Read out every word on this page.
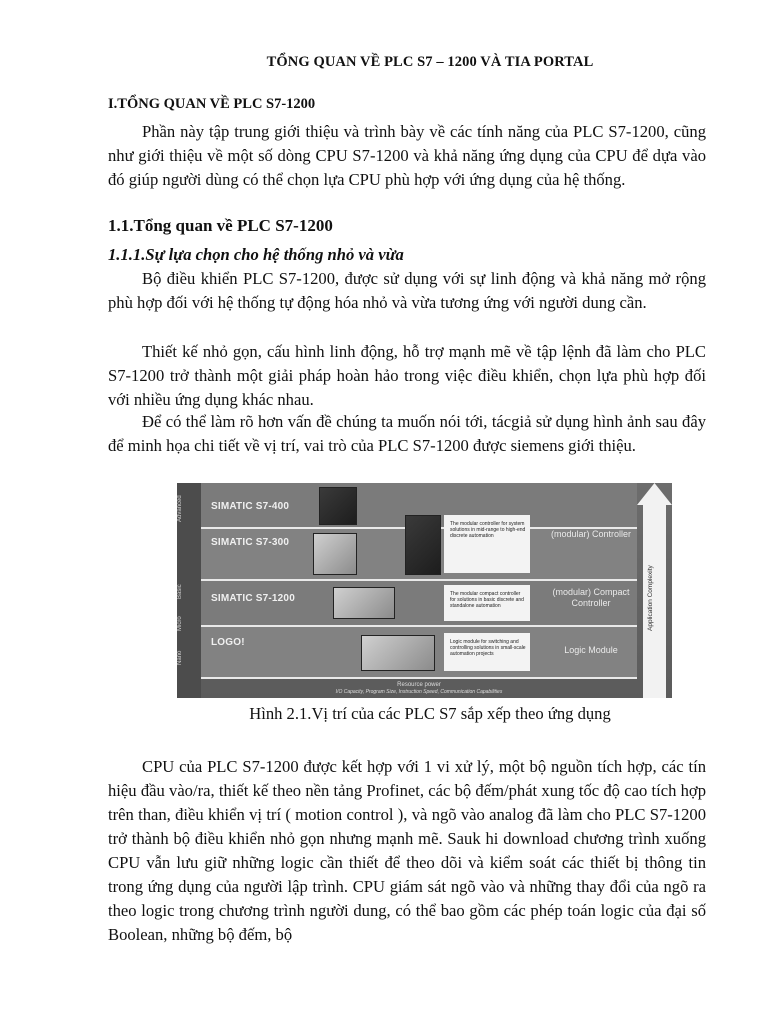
TỔNG QUAN VỀ PLC S7 – 1200 VÀ TIA PORTAL
I.TỔNG QUAN VỀ PLC S7-1200
Phần này tập trung giới thiệu và trình bày về các tính năng của PLC S7-1200, cũng như giới thiệu về một số dòng CPU S7-1200 và khả năng ứng dụng của CPU để dựa vào đó giúp người dùng có thể chọn lựa CPU phù hợp với ứng dụng của hệ thống.
1.1.Tổng quan về PLC S7-1200
1.1.1.Sự lựa chọn cho hệ thống nhỏ và vừa
Bộ điều khiển PLC S7-1200, được sử dụng với sự linh động và khả năng mở rộng phù hợp đối với hệ thống tự động hóa nhỏ và vừa tương ứng với người dung cần.
Thiết kế nhỏ gọn, cấu hình linh động, hỗ trợ mạnh mẽ về tập lệnh đã làm cho PLC S7-1200 trở thành một giải pháp hoàn hảo trong việc điều khiển, chọn lựa phù hợp đối với nhiều ứng dụng khác nhau.
Để có thể làm rõ hơn vấn đề chúng ta muốn nói tới, tácgiả sử dụng hình ảnh sau đây để minh họa chi tiết về vị trí, vai trò của PLC S7-1200 được siemens giới thiệu.
Advanced
Basic
Micro
Nano
SIMATIC S7-400
SIMATIC S7-300
The modular controller for system solutions in mid-range to high-end discrete automation	(modular) Controller
SIMATIC S7-1200	The modular compact controller for solutions in basic discrete and standalone automation
(modular) Compact Controller
LOGO!	Logic module for switching and controlling solutions in small-scale automation projects	Logic Module
Application Complexity
Resource power
I/O Capacity, Program Size, Instruction Speed, Communication Capabilities
Hình 2.1.Vị trí của các PLC S7 sắp xếp theo ứng dụng
CPU của PLC S7-1200 được kết hợp với 1 vi xử lý, một bộ nguồn tích hợp, các tín hiệu đầu vào/ra, thiết kế theo nền tảng Profinet, các bộ đếm/phát xung tốc độ cao tích hợp trên than, điều khiển vị trí ( motion control ), và ngõ vào analog đã làm cho PLC S7-1200 trở thành bộ điều khiển nhỏ gọn nhưng mạnh mẽ. Sauk hi download chương trình xuống CPU vẫn lưu giữ những logic cần thiết để theo dõi và kiểm soát các thiết bị thông tin trong ứng dụng của người lập trình. CPU giám sát ngõ vào và những thay đổi của ngõ ra theo logic trong chương trình người dung, có thể bao gồm các phép toán logic của đại số Boolean, những bộ đếm, bộ
